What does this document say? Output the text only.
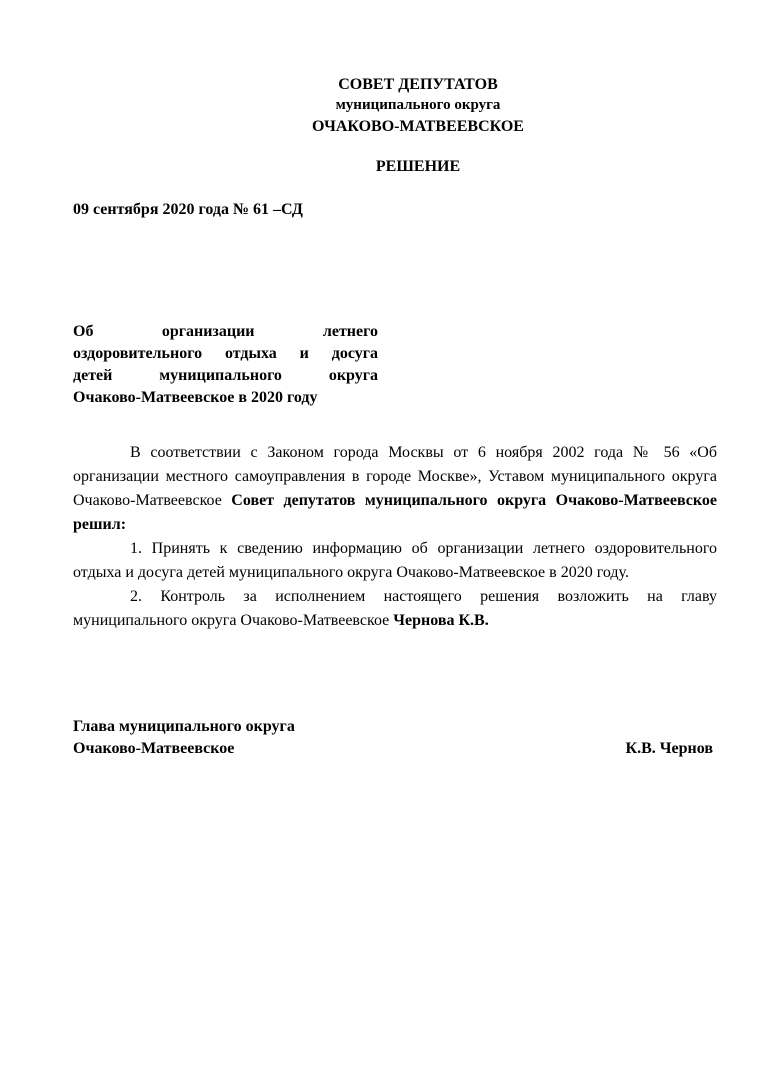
СОВЕТ ДЕПУТАТОВ
муниципального округа
ОЧАКОВО-МАТВЕЕВСКОЕ
РЕШЕНИЕ
09 сентября 2020 года № 61 –СД
Об организации летнего
оздоровительного отдыха и досуга
детей муниципального округа
Очаково-Матвеевское в 2020 году

В соответствии с Законом города Москвы от 6 ноября 2002 года № 56 «Об организации местного самоуправления в городе Москве», Уставом муниципального округа Очаково-Матвеевское Совет депутатов муниципального округа Очаково-Матвеевское решил:

1. Принять к сведению информацию об организации летнего оздоровительного отдыха и досуга детей муниципального округа Очаково-Матвеевское в 2020 году.

2. Контроль за исполнением настоящего решения возложить на главу муниципального округа Очаково-Матвеевское Чернова К.В.

Глава муниципального округа
Очаково-Матвеевское	К.В. Чернов
